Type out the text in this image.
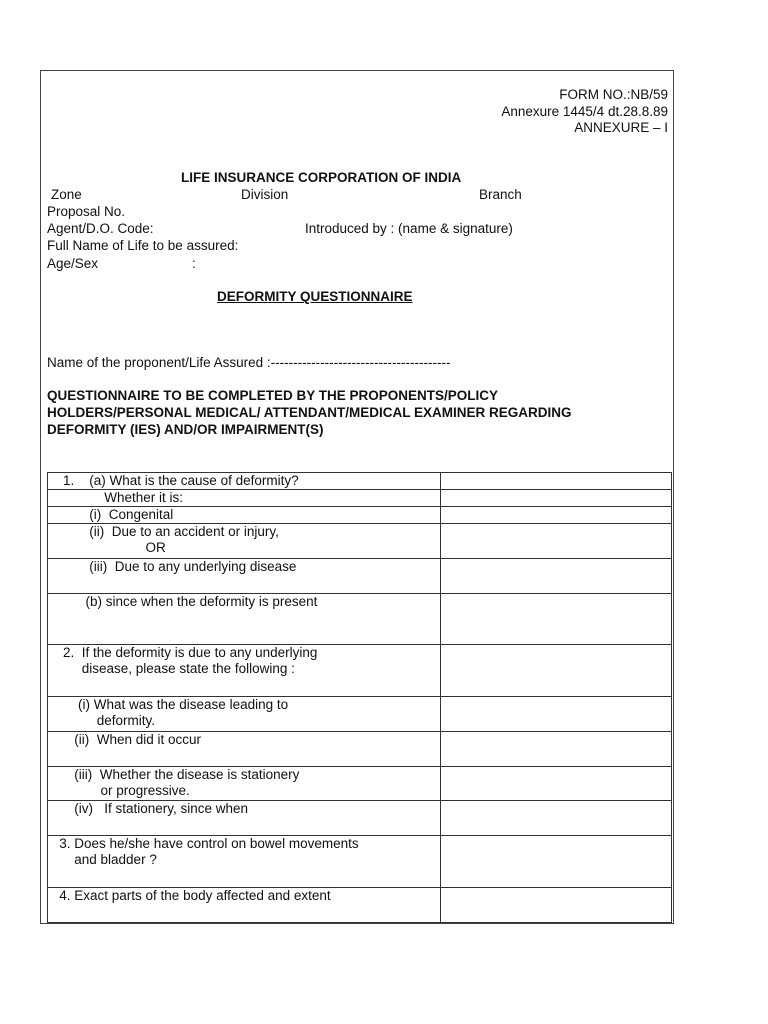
FORM NO.:NB/59
Annexure 1445/4 dt.28.8.89
ANNEXURE – I
LIFE INSURANCE CORPORATION OF INDIA
Zone	Division	Branch
Proposal No.
Agent/D.O. Code:	Introduced by : (name & signature)
Full Name of Life to be assured:
Age/Sex	:
DEFORMITY QUESTIONNAIRE
Name of the proponent/Life Assured :----------------------------------------
QUESTIONNAIRE TO BE COMPLETED BY THE PROPONENTS/POLICY
HOLDERS/PERSONAL MEDICAL/ ATTENDANT/MEDICAL EXAMINER REGARDING
DEFORMITY (IES) AND/OR IMPAIRMENT(S)
1.    (a) What is the cause of deformity?	
Whether it is:	
(i)  Congenital	
(ii)  Due to an accident or injury,
OR	
(iii)  Due to any underlying disease	
(b) since when the deformity is present	
2.  If the deformity is due to any underlying
disease, please state the following :	
(i) What was the disease leading to
deformity.	
(ii)  When did it occur	
(iii)  Whether the disease is stationery
or progressive.	
(iv)   If stationery, since when	
3. Does he/she have control on bowel movements
and bladder ?	
4. Exact parts of the body affected and extent	
